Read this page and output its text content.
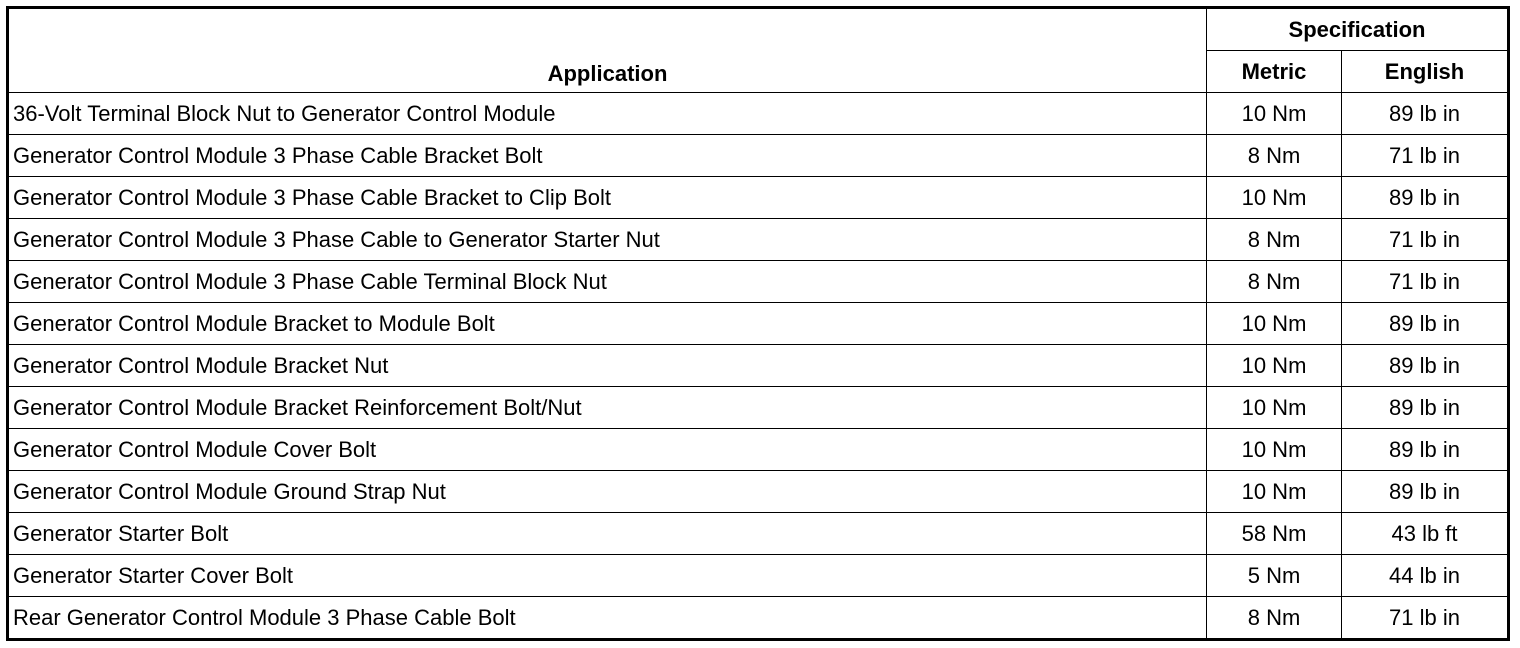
Application	Specification	
	Metric	English
36-Volt Terminal Block Nut to Generator Control Module	10 Nm	89 lb in
Generator Control Module 3 Phase Cable Bracket Bolt	8 Nm	71 lb in
Generator Control Module 3 Phase Cable Bracket to Clip Bolt	10 Nm	89 lb in
Generator Control Module 3 Phase Cable to Generator Starter Nut	8 Nm	71 lb in
Generator Control Module 3 Phase Cable Terminal Block Nut	8 Nm	71 lb in
Generator Control Module Bracket to Module Bolt	10 Nm	89 lb in
Generator Control Module Bracket Nut	10 Nm	89 lb in
Generator Control Module Bracket Reinforcement Bolt/Nut	10 Nm	89 lb in
Generator Control Module Cover Bolt	10 Nm	89 lb in
Generator Control Module Ground Strap Nut	10 Nm	89 lb in
Generator Starter Bolt	58 Nm	43 lb ft
Generator Starter Cover Bolt	5 Nm	44 lb in
Rear Generator Control Module 3 Phase Cable Bolt	8 Nm	71 lb in
